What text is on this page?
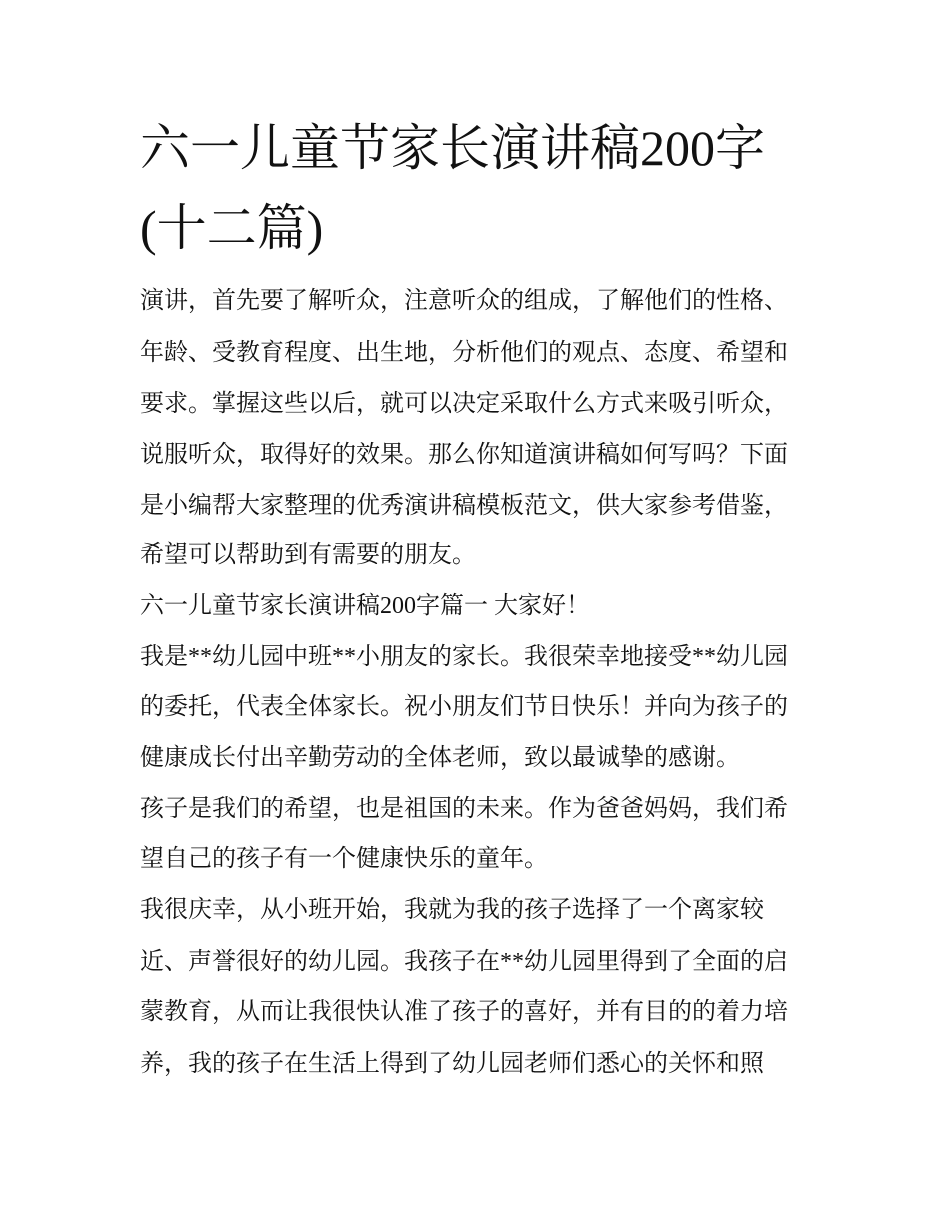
六一儿童节家长演讲稿200字
(十二篇)
演讲，首先要了解听众，注意听众的组成，了解他们的性格、
年龄、受教育程度、出生地，分析他们的观点、态度、希望和
要求。掌握这些以后，就可以决定采取什么方式来吸引听众，
说服听众，取得好的效果。那么你知道演讲稿如何写吗？下面
是小编帮大家整理的优秀演讲稿模板范文，供大家参考借鉴，
希望可以帮助到有需要的朋友。
六一儿童节家长演讲稿200字篇一 大家好！
我是**幼儿园中班**小朋友的家长。我很荣幸地接受**幼儿园
的委托，代表全体家长。祝小朋友们节日快乐！并向为孩子的
健康成长付出辛勤劳动的全体老师，致以最诚挚的感谢。
孩子是我们的希望，也是祖国的未来。作为爸爸妈妈，我们希
望自己的孩子有一个健康快乐的童年。
我很庆幸，从小班开始，我就为我的孩子选择了一个离家较
近、声誉很好的幼儿园。我孩子在**幼儿园里得到了全面的启
蒙教育，从而让我很快认准了孩子的喜好，并有目的的着力培
养，我的孩子在生活上得到了幼儿园老师们悉心的关怀和照
